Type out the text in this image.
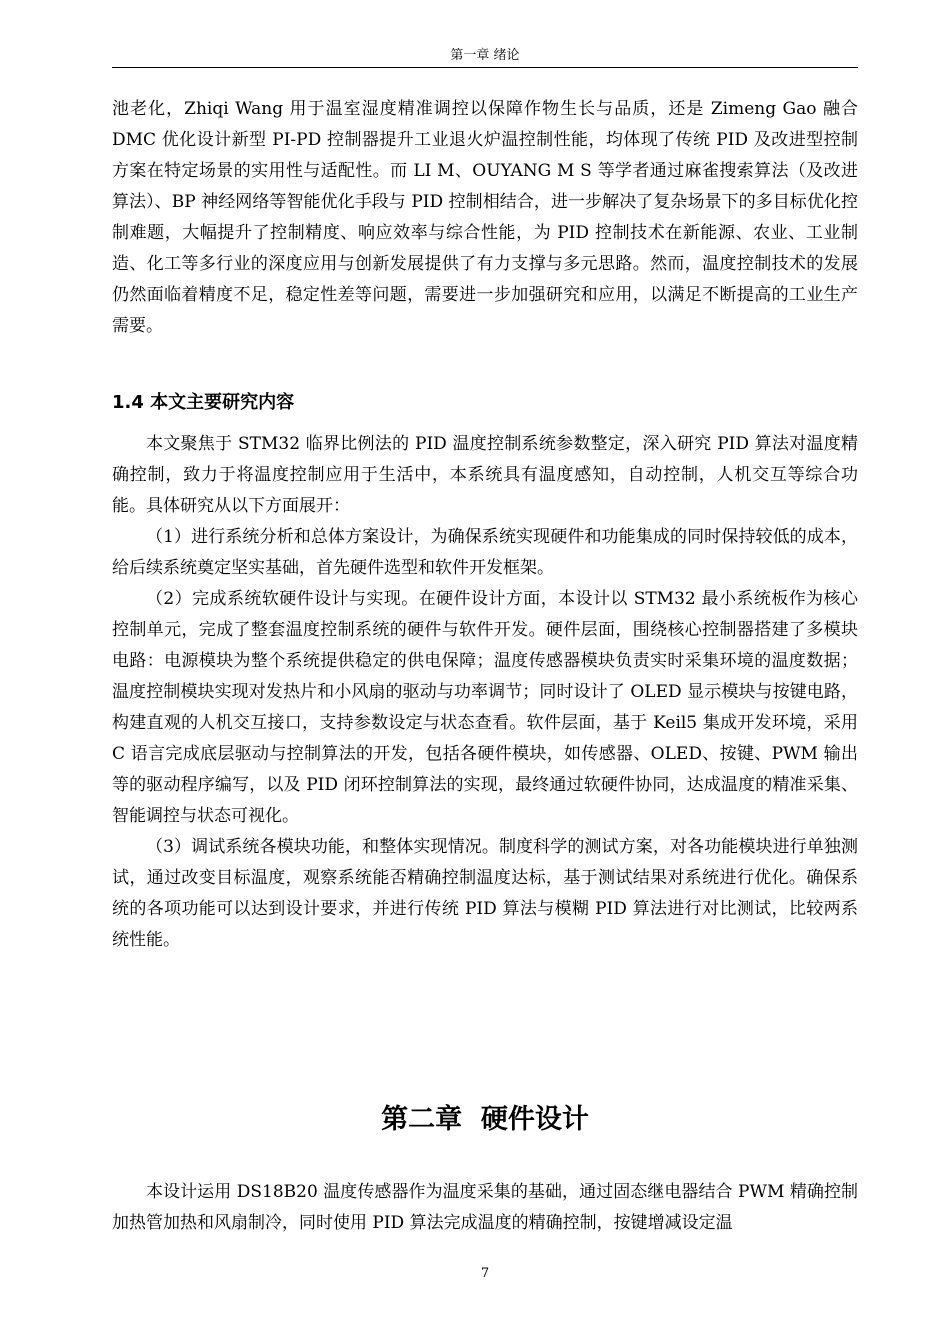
第一章 绪论

池老化，Zhiqi Wang 用于温室湿度精准调控以保障作物生长与品质，还是 Zimeng Gao 融合 DMC 优化设计新型 PI-PD 控制器提升工业退火炉温控制性能，均体现了传统 PID 及改进型控制方案在特定场景的实用性与适配性。而 LI M、OUYANG M S 等学者通过麻雀搜索算法（及改进算法）、BP 神经网络等智能优化手段与 PID 控制相结合，进一步解决了复杂场景下的多目标优化控制难题，大幅提升了控制精度、响应效率与综合性能，为 PID 控制技术在新能源、农业、工业制造、化工等多行业的深度应用与创新发展提供了有力支撑与多元思路。然而，温度控制技术的发展仍然面临着精度不足，稳定性差等问题，需要进一步加强研究和应用，以满足不断提高的工业生产需要。

1.4 本文主要研究内容

本文聚焦于 STM32 临界比例法的 PID 温度控制系统参数整定，深入研究 PID 算法对温度精确控制，致力于将温度控制应用于生活中，本系统具有温度感知，自动控制，人机交互等综合功能。具体研究从以下方面展开：

（1）进行系统分析和总体方案设计，为确保系统实现硬件和功能集成的同时保持较低的成本，给后续系统奠定坚实基础，首先硬件选型和软件开发框架。

（2）完成系统软硬件设计与实现。在硬件设计方面，本设计以 STM32 最小系统板作为核心控制单元，完成了整套温度控制系统的硬件与软件开发。硬件层面，围绕核心控制器搭建了多模块电路：电源模块为整个系统提供稳定的供电保障；温度传感器模块负责实时采集环境的温度数据；温度控制模块实现对发热片和小风扇的驱动与功率调节；同时设计了 OLED 显示模块与按键电路，构建直观的人机交互接口，支持参数设定与状态查看。软件层面，基于 Keil5 集成开发环境，采用 C 语言完成底层驱动与控制算法的开发，包括各硬件模块，如传感器、OLED、按键、PWM 输出等的驱动程序编写，以及 PID 闭环控制算法的实现，最终通过软硬件协同，达成温度的精准采集、智能调控与状态可视化。

（3）调试系统各模块功能，和整体实现情况。制度科学的测试方案，对各功能模块进行单独测试，通过改变目标温度，观察系统能否精确控制温度达标，基于测试结果对系统进行优化。确保系统的各项功能可以达到设计要求，并进行传统 PID 算法与模糊 PID 算法进行对比测试，比较两系统性能。

第二章  硬件设计

本设计运用 DS18B20 温度传感器作为温度采集的基础，通过固态继电器结合 PWM 精确控制加热管加热和风扇制冷，同时使用 PID 算法完成温度的精确控制，按键增减设定温

7
